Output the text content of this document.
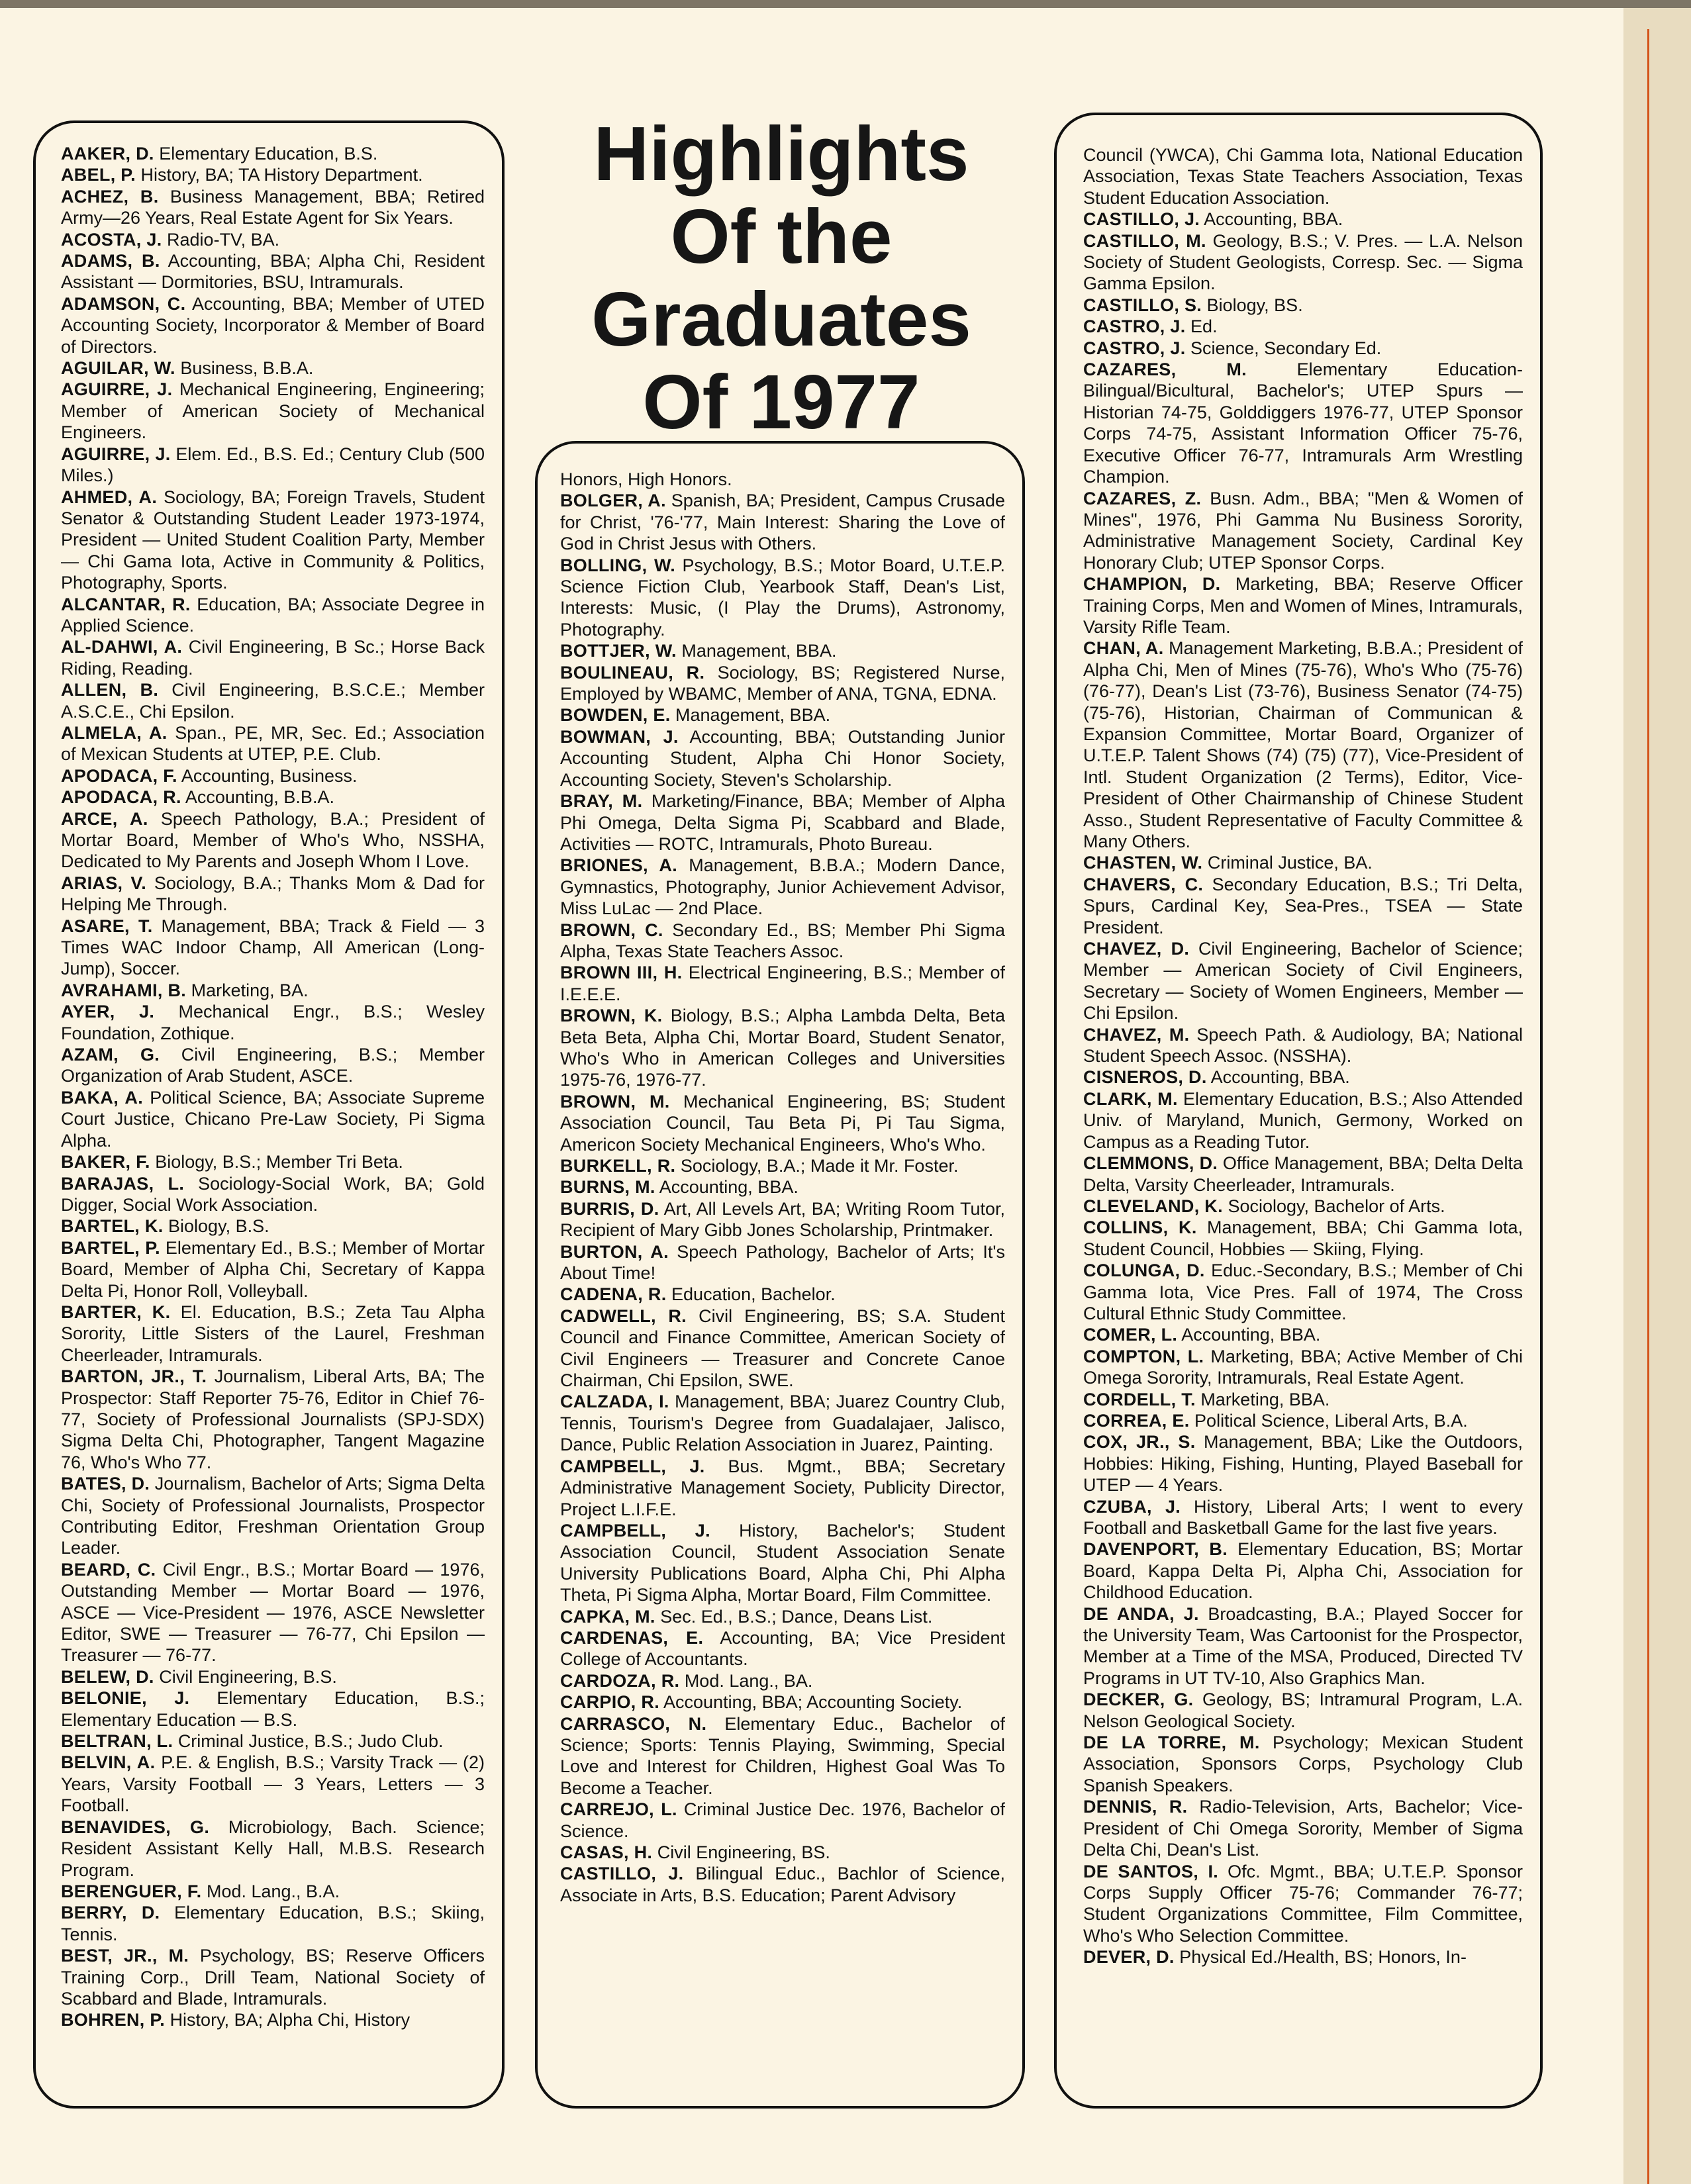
Highlights
Of the
Graduates
Of 1977
AAKER, D. Elementary Education, B.S.
ABEL, P. History, BA; TA History Department.
ACHEZ, B. Business Management, BBA; Retired Army—26 Years, Real Estate Agent for Six Years.
ACOSTA, J. Radio-TV, BA.
ADAMS, B. Accounting, BBA; Alpha Chi, Resident Assistant — Dormitories, BSU, Intramurals.
ADAMSON, C. Accounting, BBA; Member of UTED Accounting Society, Incorporator & Member of Board of Directors.
AGUILAR, W. Business, B.B.A.
AGUIRRE, J. Mechanical Engineering, Engineering; Member of American Society of Mechanical Engineers.
AGUIRRE, J. Elem. Ed., B.S. Ed.; Century Club (500 Miles.)
AHMED, A. Sociology, BA; Foreign Travels, Student Senator & Outstanding Student Leader 1973-1974, President — United Student Coalition Party, Member — Chi Gama Iota, Active in Community & Politics, Photography, Sports.
ALCANTAR, R. Education, BA; Associate Degree in Applied Science.
AL-DAHWI, A. Civil Engineering, B Sc.; Horse Back Riding, Reading.
ALLEN, B. Civil Engineering, B.S.C.E.; Member A.S.C.E., Chi Epsilon.
ALMELA, A. Span., PE, MR, Sec. Ed.; Association of Mexican Students at UTEP, P.E. Club.
APODACA, F. Accounting, Business.
APODACA, R. Accounting, B.B.A.
ARCE, A. Speech Pathology, B.A.; President of Mortar Board, Member of Who's Who, NSSHA, Dedicated to My Parents and Joseph Whom I Love.
ARIAS, V. Sociology, B.A.; Thanks Mom & Dad for Helping Me Through.
ASARE, T. Management, BBA; Track & Field — 3 Times WAC Indoor Champ, All American (Long-Jump), Soccer.
AVRAHAMI, B. Marketing, BA.
AYER, J. Mechanical Engr., B.S.; Wesley Foundation, Zothique.
AZAM, G. Civil Engineering, B.S.; Member Organization of Arab Student, ASCE.
BAKA, A. Political Science, BA; Associate Supreme Court Justice, Chicano Pre-Law Society, Pi Sigma Alpha.
BAKER, F. Biology, B.S.; Member Tri Beta.
BARAJAS, L. Sociology-Social Work, BA; Gold Digger, Social Work Association.
BARTEL, K. Biology, B.S.
BARTEL, P. Elementary Ed., B.S.; Member of Mortar Board, Member of Alpha Chi, Secretary of Kappa Delta Pi, Honor Roll, Volleyball.
BARTER, K. El. Education, B.S.; Zeta Tau Alpha Sorority, Little Sisters of the Laurel, Freshman Cheerleader, Intramurals.
BARTON, JR., T. Journalism, Liberal Arts, BA; The Prospector: Staff Reporter 75-76, Editor in Chief 76-77, Society of Professional Journalists (SPJ-SDX) Sigma Delta Chi, Photographer, Tangent Magazine 76, Who's Who 77.
BATES, D. Journalism, Bachelor of Arts; Sigma Delta Chi, Society of Professional Journalists, Prospector Contributing Editor, Freshman Orientation Group Leader.
BEARD, C. Civil Engr., B.S.; Mortar Board — 1976, Outstanding Member — Mortar Board — 1976, ASCE — Vice-President — 1976, ASCE Newsletter Editor, SWE — Treasurer — 76-77, Chi Epsilon — Treasurer — 76-77.
BELEW, D. Civil Engineering, B.S.
BELONIE, J. Elementary Education, B.S.; Elementary Education — B.S.
BELTRAN, L. Criminal Justice, B.S.; Judo Club.
BELVIN, A. P.E. & English, B.S.; Varsity Track — (2) Years, Varsity Football — 3 Years, Letters — 3 Football.
BENAVIDES, G. Microbiology, Bach. Science; Resident Assistant Kelly Hall, M.B.S. Research Program.
BERENGUER, F. Mod. Lang., B.A.
BERRY, D. Elementary Education, B.S.; Skiing, Tennis.
BEST, JR., M. Psychology, BS; Reserve Officers Training Corp., Drill Team, National Society of Scabbard and Blade, Intramurals.
BOHREN, P. History, BA; Alpha Chi, History
Honors, High Honors.
BOLGER, A. Spanish, BA; President, Campus Crusade for Christ, '76-'77, Main Interest: Sharing the Love of God in Christ Jesus with Others.
BOLLING, W. Psychology, B.S.; Motor Board, U.T.E.P. Science Fiction Club, Yearbook Staff, Dean's List, Interests: Music, (I Play the Drums), Astronomy, Photography.
BOTTJER, W. Management, BBA.
BOULINEAU, R. Sociology, BS; Registered Nurse, Employed by WBAMC, Member of ANA, TGNA, EDNA.
BOWDEN, E. Management, BBA.
BOWMAN, J. Accounting, BBA; Outstanding Junior Accounting Student, Alpha Chi Honor Society, Accounting Society, Steven's Scholarship.
BRAY, M. Marketing/Finance, BBA; Member of Alpha Phi Omega, Delta Sigma Pi, Scabbard and Blade, Activities — ROTC, Intramurals, Photo Bureau.
BRIONES, A. Management, B.B.A.; Modern Dance, Gymnastics, Photography, Junior Achievement Advisor, Miss LuLac — 2nd Place.
BROWN, C. Secondary Ed., BS; Member Phi Sigma Alpha, Texas State Teachers Assoc.
BROWN III, H. Electrical Engineering, B.S.; Member of I.E.E.E.
BROWN, K. Biology, B.S.; Alpha Lambda Delta, Beta Beta Beta, Alpha Chi, Mortar Board, Student Senator, Who's Who in American Colleges and Universities 1975-76, 1976-77.
BROWN, M. Mechanical Engineering, BS; Student Association Council, Tau Beta Pi, Pi Tau Sigma, Americon Society Mechanical Engineers, Who's Who.
BURKELL, R. Sociology, B.A.; Made it Mr. Foster.
BURNS, M. Accounting, BBA.
BURRIS, D. Art, All Levels Art, BA; Writing Room Tutor, Recipient of Mary Gibb Jones Scholarship, Printmaker.
BURTON, A. Speech Pathology, Bachelor of Arts; It's About Time!
CADENA, R. Education, Bachelor.
CADWELL, R. Civil Engineering, BS; S.A. Student Council and Finance Committee, American Society of Civil Engineers — Treasurer and Concrete Canoe Chairman, Chi Epsilon, SWE.
CALZADA, I. Management, BBA; Juarez Country Club, Tennis, Tourism's Degree from Guadalajaer, Jalisco, Dance, Public Relation Association in Juarez, Painting.
CAMPBELL, J. Bus. Mgmt., BBA; Secretary Administrative Management Society, Publicity Director, Project L.I.F.E.
CAMPBELL, J. History, Bachelor's; Student Association Council, Student Association Senate University Publications Board, Alpha Chi, Phi Alpha Theta, Pi Sigma Alpha, Mortar Board, Film Committee.
CAPKA, M. Sec. Ed., B.S.; Dance, Deans List.
CARDENAS, E. Accounting, BA; Vice President College of Accountants.
CARDOZA, R. Mod. Lang., BA.
CARPIO, R. Accounting, BBA; Accounting Society.
CARRASCO, N. Elementary Educ., Bachelor of Science; Sports: Tennis Playing, Swimming, Special Love and Interest for Children, Highest Goal Was To Become a Teacher.
CARREJO, L. Criminal Justice Dec. 1976, Bachelor of Science.
CASAS, H. Civil Engineering, BS.
CASTILLO, J. Bilingual Educ., Bachlor of Science, Associate in Arts, B.S. Education; Parent Advisory
Council (YWCA), Chi Gamma Iota, National Education Association, Texas State Teachers Association, Texas Student Education Association.
CASTILLO, J. Accounting, BBA.
CASTILLO, M. Geology, B.S.; V. Pres. — L.A. Nelson Society of Student Geologists, Corresp. Sec. — Sigma Gamma Epsilon.
CASTILLO, S. Biology, BS.
CASTRO, J. Ed.
CASTRO, J. Science, Secondary Ed.
CAZARES, M.	Elementary Education-Bilingual/Bicultural, Bachelor's; UTEP Spurs — Historian 74-75, Golddiggers 1976-77, UTEP Sponsor Corps 74-75, Assistant Information Officer 75-76, Executive Officer 76-77, Intramurals Arm Wrestling Champion.
CAZARES, Z. Busn. Adm., BBA; "Men & Women of Mines", 1976, Phi Gamma Nu Business Sorority, Administrative Management Society, Cardinal Key Honorary Club; UTEP Sponsor Corps.
CHAMPION, D. Marketing, BBA; Reserve Officer Training Corps, Men and Women of Mines, Intramurals, Varsity Rifle Team.
CHAN, A. Management Marketing, B.B.A.; President of Alpha Chi, Men of Mines (75-76), Who's Who (75-76) (76-77), Dean's List (73-76), Business Senator (74-75) (75-76), Historian, Chairman of Communican & Expansion Committee, Mortar Board, Organizer of U.T.E.P. Talent Shows (74) (75) (77), Vice-President of Intl. Student Organization (2 Terms), Editor, Vice-President of Other Chairmanship of Chinese Student Asso., Student Representative of Faculty Committee & Many Others.
CHASTEN, W. Criminal Justice, BA.
CHAVERS, C. Secondary Education, B.S.; Tri Delta, Spurs, Cardinal Key, Sea-Pres., TSEA — State President.
CHAVEZ, D. Civil Engineering, Bachelor of Science; Member — American Society of Civil Engineers, Secretary — Society of Women Engineers, Member — Chi Epsilon.
CHAVEZ, M. Speech Path. & Audiology, BA; National Student Speech Assoc. (NSSHA).
CISNEROS, D. Accounting, BBA.
CLARK, M. Elementary Education, B.S.; Also Attended Univ. of Maryland, Munich, Germony, Worked on Campus as a Reading Tutor.
CLEMMONS, D. Office Management, BBA; Delta Delta Delta, Varsity Cheerleader, Intramurals.
CLEVELAND, K. Sociology, Bachelor of Arts.
COLLINS, K. Management, BBA; Chi Gamma Iota, Student Council, Hobbies — Skiing, Flying.
COLUNGA, D. Educ.-Secondary, B.S.; Member of Chi Gamma Iota, Vice Pres. Fall of 1974, The Cross Cultural Ethnic Study Committee.
COMER, L. Accounting, BBA.
COMPTON, L. Marketing, BBA; Active Member of Chi Omega Sorority, Intramurals, Real Estate Agent.
CORDELL, T. Marketing, BBA.
CORREA, E. Political Science, Liberal Arts, B.A.
COX, JR., S. Management, BBA; Like the Outdoors, Hobbies: Hiking, Fishing, Hunting, Played Baseball for UTEP — 4 Years.
CZUBA, J. History, Liberal Arts; I went to every Football and Basketball Game for the last five years.
DAVENPORT, B. Elementary Education, BS; Mortar Board, Kappa Delta Pi, Alpha Chi, Association for Childhood Education.
DE ANDA, J. Broadcasting, B.A.; Played Soccer for the University Team, Was Cartoonist for the Prospector, Member at a Time of the MSA, Produced, Directed TV Programs in UT TV-10, Also Graphics Man.
DECKER, G. Geology, BS; Intramural Program, L.A. Nelson Geological Society.
DE LA TORRE, M. Psychology; Mexican Student Association, Sponsors Corps, Psychology Club Spanish Speakers.
DENNIS, R. Radio-Television, Arts, Bachelor; Vice-President of Chi Omega Sorority, Member of Sigma Delta Chi, Dean's List.
DE SANTOS, I. Ofc. Mgmt., BBA; U.T.E.P. Sponsor Corps Supply Officer 75-76; Commander 76-77; Student Organizations Committee, Film Committee, Who's Who Selection Committee.
DEVER, D. Physical Ed./Health, BS; Honors, In-
